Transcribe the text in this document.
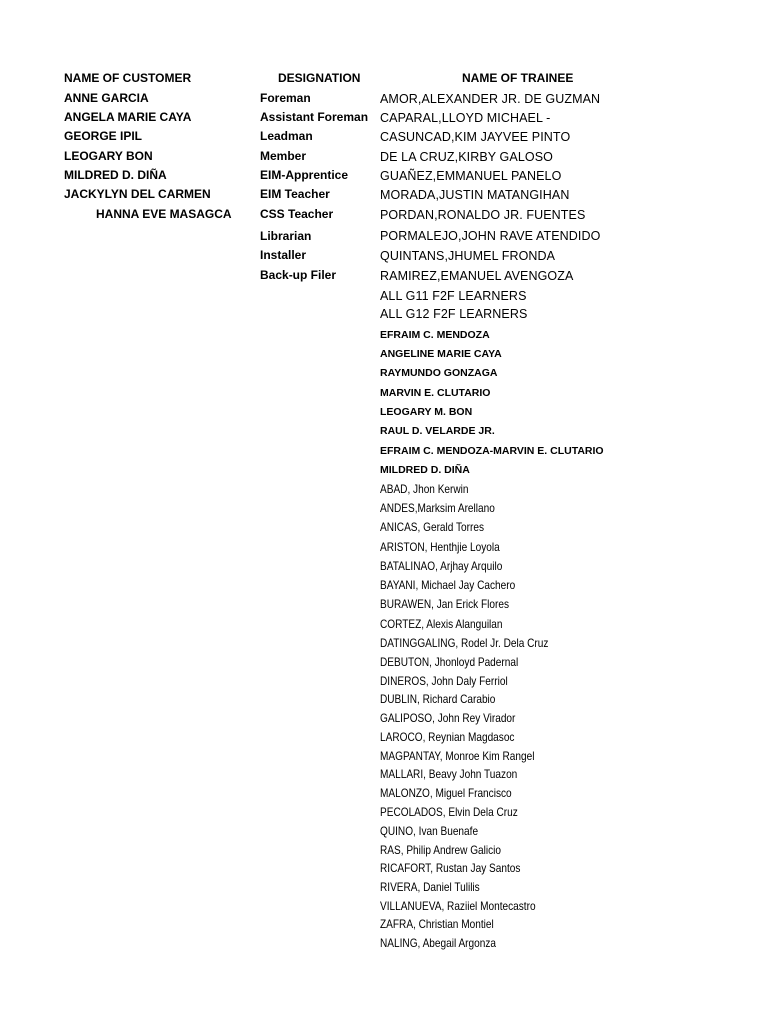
NAME OF CUSTOMER	DESIGNATION	NAME OF TRAINEE
ANNE GARCIA
ANGELA MARIE CAYA
GEORGE IPIL
LEOGARY BON
MILDRED D. DIÑA
JACKYLYN DEL CARMEN
HANNA EVE MASAGCA
Foreman
Assistant Foreman
Leadman
Member
EIM-Apprentice
EIM Teacher
CSS Teacher
Librarian
Installer
Back-up Filer
AMOR,ALEXANDER JR. DE GUZMAN
CAPARAL,LLOYD MICHAEL -
CASUNCAD,KIM JAYVEE PINTO
DE LA CRUZ,KIRBY GALOSO
GUAÑEZ,EMMANUEL PANELO
MORADA,JUSTIN MATANGIHAN
PORDAN,RONALDO JR. FUENTES
PORMALEJO,JOHN RAVE ATENDIDO
QUINTANS,JHUMEL FRONDA
RAMIREZ,EMANUEL AVENGOZA
ALL G11 F2F LEARNERS
ALL G12 F2F LEARNERS
EFRAIM C. MENDOZA
ANGELINE MARIE CAYA
RAYMUNDO GONZAGA
MARVIN E. CLUTARIO
LEOGARY M. BON
RAUL D. VELARDE JR.
EFRAIM C. MENDOZA-MARVIN E. CLUTARIO
MILDRED D. DIÑA
ABAD, Jhon Kerwin
ANDES,Marksim Arellano
ANICAS, Gerald Torres
ARISTON, Henthjie Loyola
BATALINAO, Arjhay Arquilo
BAYANI, Michael Jay Cachero
BURAWEN, Jan Erick Flores
CORTEZ, Alexis Alanguilan
DATINGGALING, Rodel Jr. Dela Cruz
DEBUTON, Jhonloyd Padernal
DINEROS, John Daly Ferriol
DUBLIN, Richard Carabio
GALIPOSO, John Rey Virador
LAROCO, Reynian Magdasoc
MAGPANTAY, Monroe Kim Rangel
MALLARI, Beavy John Tuazon
MALONZO, Miguel Francisco
PECOLADOS, Elvin Dela Cruz
QUINO, Ivan Buenafe
RAS, Philip Andrew Galicio
RICAFORT, Rustan Jay Santos
RIVERA, Daniel Tulilis
VILLANUEVA, Raziiel Montecastro
ZAFRA, Christian Montiel
NALING, Abegail Argonza
